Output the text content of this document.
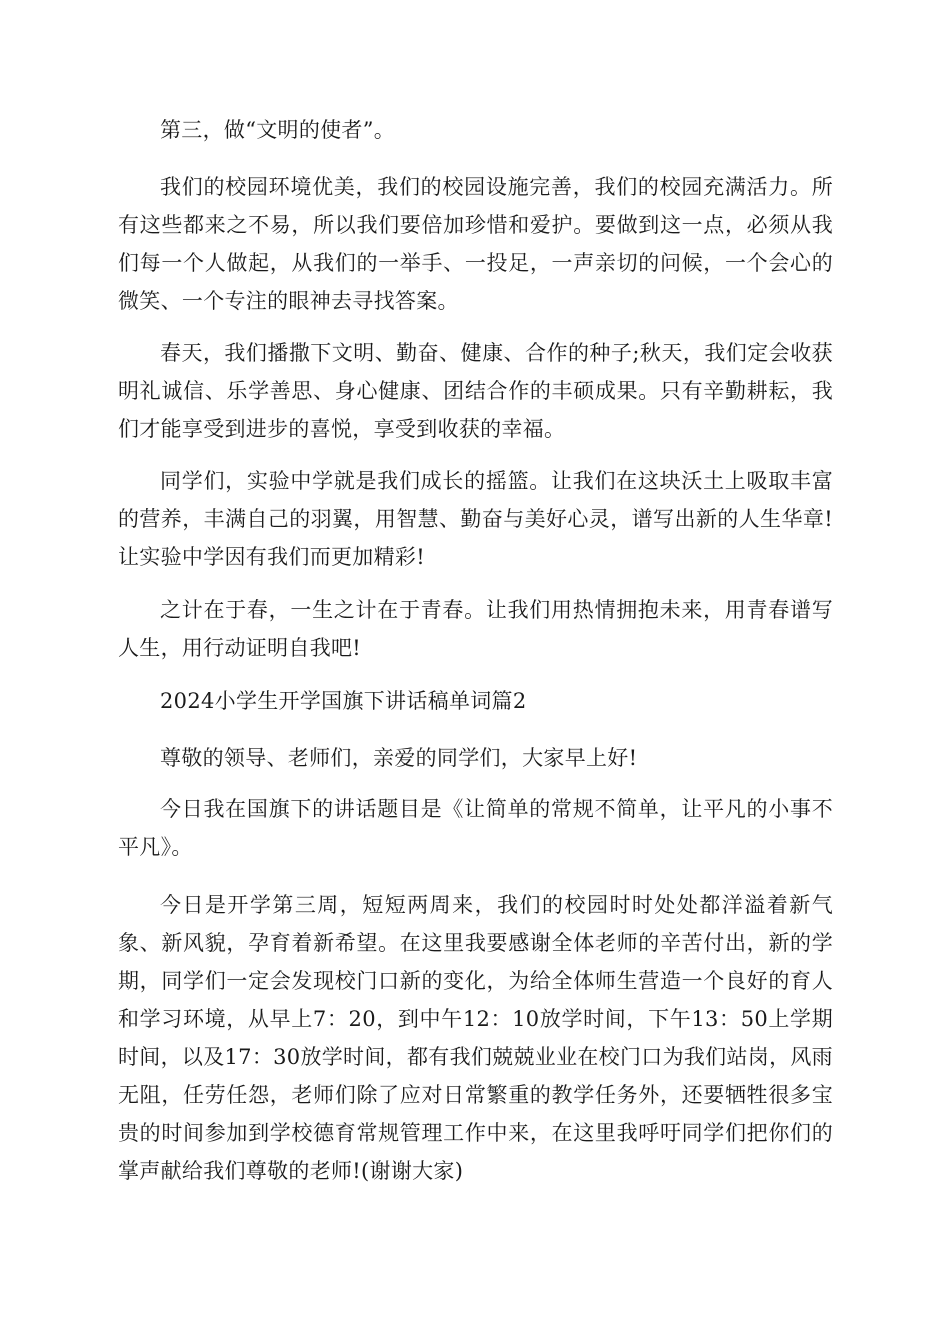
第三，做“文明的使者”。

我们的校园环境优美，我们的校园设施完善，我们的校园充满活力。所有这些都来之不易，所以我们要倍加珍惜和爱护。要做到这一点，必须从我们每一个人做起，从我们的一举手、一投足，一声亲切的问候，一个会心的微笑、一个专注的眼神去寻找答案。

春天，我们播撒下文明、勤奋、健康、合作的种子;秋天，我们定会收获明礼诚信、乐学善思、身心健康、团结合作的丰硕成果。只有辛勤耕耘，我们才能享受到进步的喜悦，享受到收获的幸福。

同学们，实验中学就是我们成长的摇篮。让我们在这块沃土上吸取丰富的营养，丰满自己的羽翼，用智慧、勤奋与美好心灵，谱写出新的人生华章!让实验中学因有我们而更加精彩!

之计在于春，一生之计在于青春。让我们用热情拥抱未来，用青春谱写人生，用行动证明自我吧!

2024小学生开学国旗下讲话稿单词篇2

尊敬的领导、老师们，亲爱的同学们，大家早上好!

今日我在国旗下的讲话题目是《让简单的常规不简单，让平凡的小事不平凡》。

今日是开学第三周，短短两周来，我们的校园时时处处都洋溢着新气象、新风貌，孕育着新希望。在这里我要感谢全体老师的辛苦付出，新的学期，同学们一定会发现校门口新的变化，为给全体师生营造一个良好的育人和学习环境，从早上7：20，到中午12：10放学时间，下午13：50上学期时间，以及17：30放学时间，都有我们兢兢业业在校门口为我们站岗，风雨无阻，任劳任怨，老师们除了应对日常繁重的教学任务外，还要牺牲很多宝贵的时间参加到学校德育常规管理工作中来，在这里我呼吁同学们把你们的掌声献给我们尊敬的老师!(谢谢大家)
